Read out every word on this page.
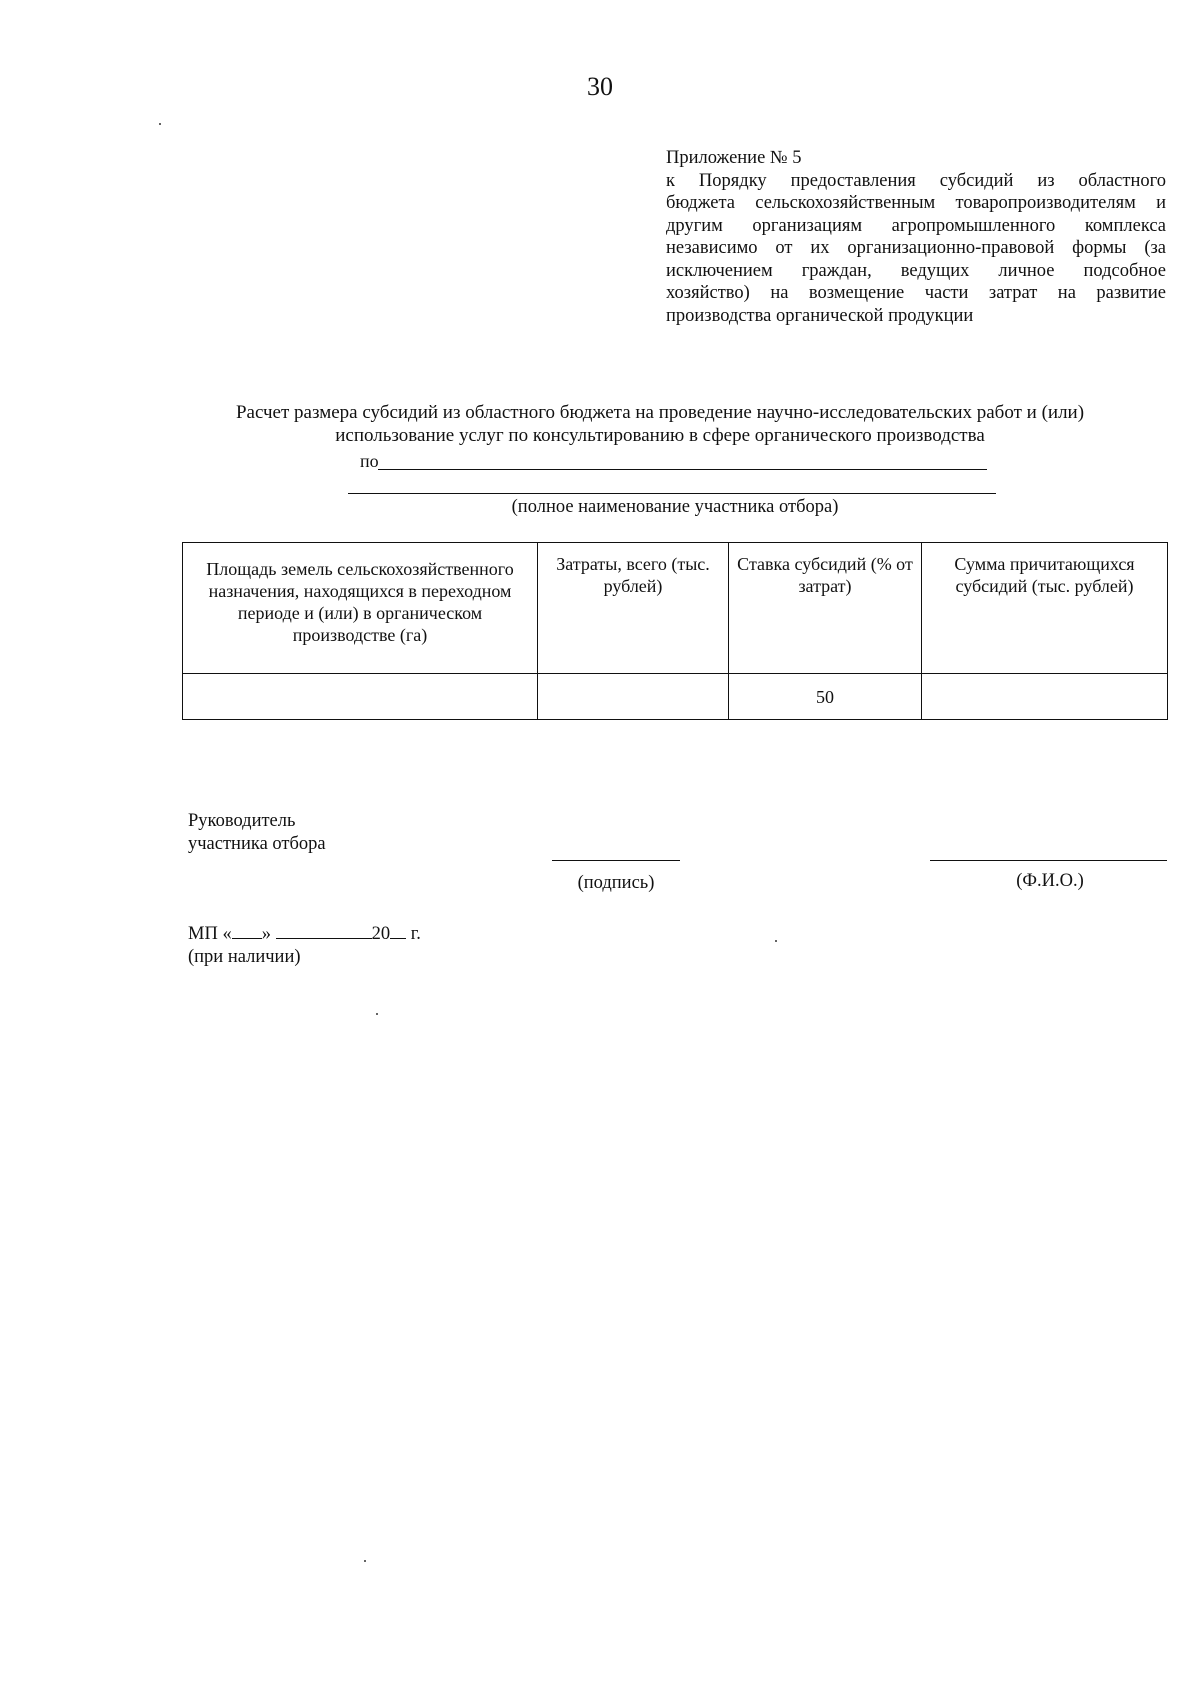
30
Приложение № 5
к Порядку предоставления субсидий из областного
бюджета сельскохозяйственным товаропроизводителям и
другим организациям агропромышленного комплекса
независимо от их организационно-правовой формы (за
исключением граждан, ведущих личное подсобное
хозяйство) на возмещение части затрат на развитие
производства органической продукции
Расчет размера субсидий из областного бюджета на проведение научно-исследовательских работ и (или)
использование услуг по консультированию в сфере органического производства
по
(полное наименование участника отбора)
Площадь земель сельскохозяйственного назначения, находящихся в переходном периоде и (или) в органическом производстве (га)	Затраты, всего (тыс. рублей)	Ставка субсидий (% от затрат)	Сумма причитающихся субсидий (тыс. рублей)
		50	
Руководитель
участника отбора
(подпись)	(Ф.И.О.)
МП « »	20 г.
(при наличии)
